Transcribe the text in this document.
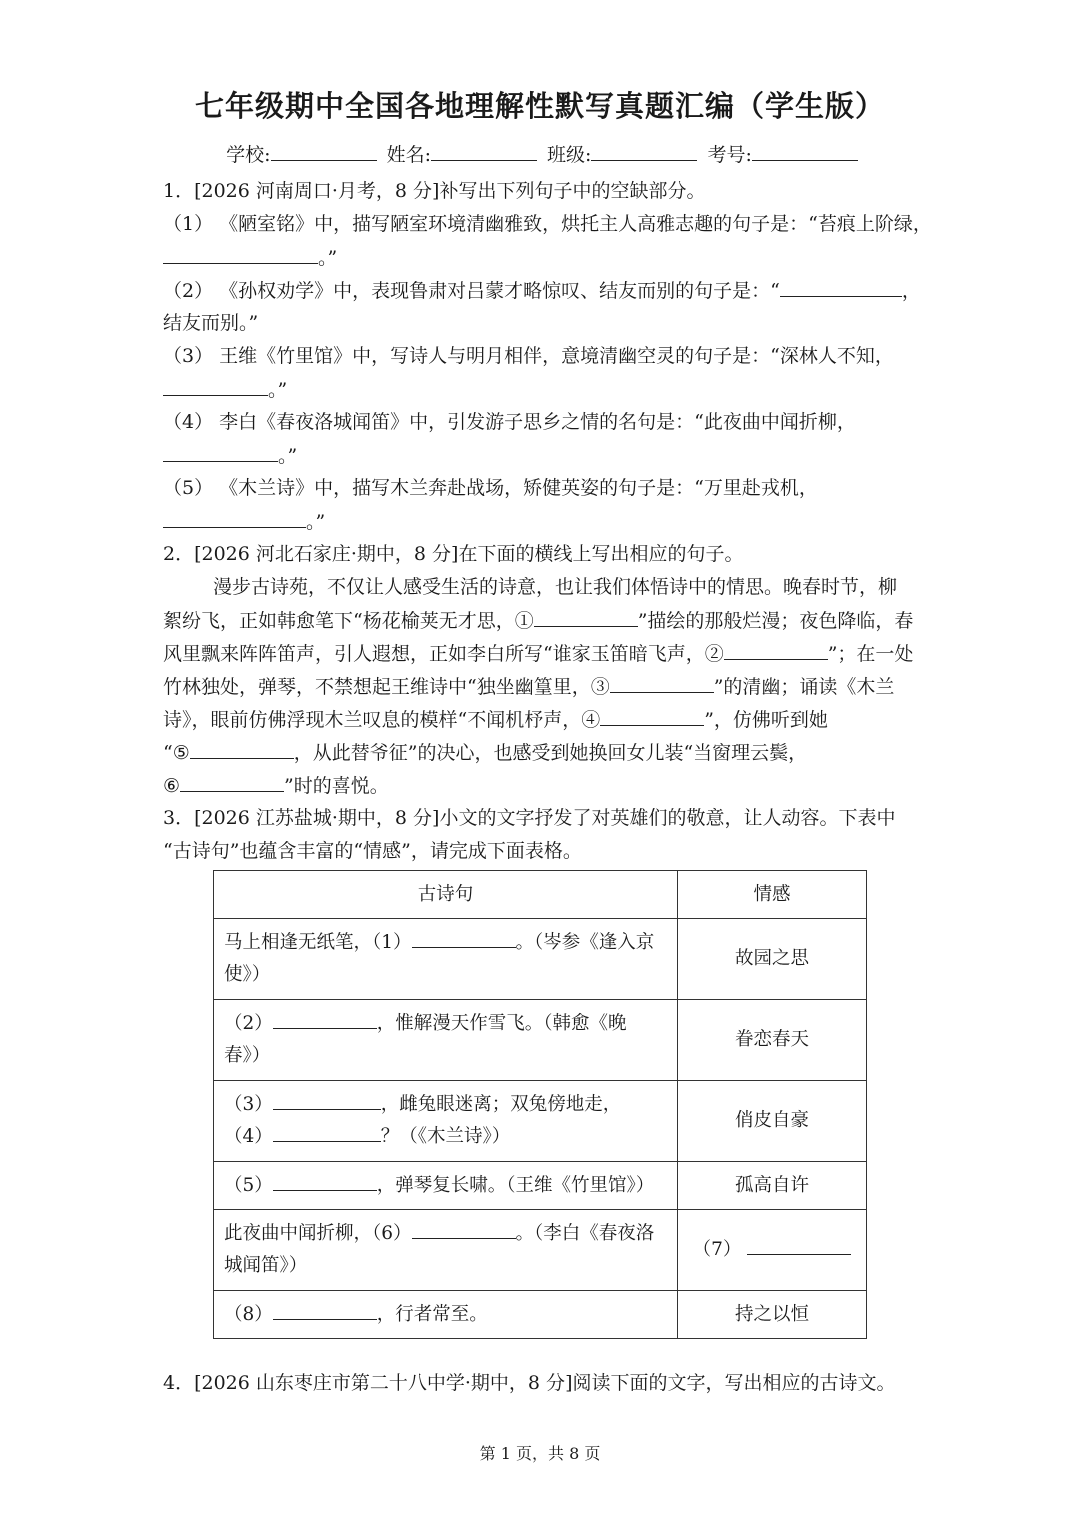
七年级期中全国各地理解性默写真题汇编（学生版）
学校:	姓名:	班级:	考号:
1．[2026 河南周口·月考，8 分]补写出下列句子中的空缺部分。
（1） 《陋室铭》中，描写陋室环境清幽雅致，烘托主人高雅志趣的句子是：“苔痕上阶绿，
。”
（2） 《孙权劝学》中，表现鲁肃对吕蒙才略惊叹、结友而别的句子是：“	，
结友而别。”
（3） 王维《竹里馆》中，写诗人与明月相伴，意境清幽空灵的句子是：“深林人不知，
。”
（4） 李白《春夜洛城闻笛》中，引发游子思乡之情的名句是：“此夜曲中闻折柳，
。”
（5） 《木兰诗》中，描写木兰奔赴战场，矫健英姿的句子是：“万里赴戎机，
。”
2．[2026 河北石家庄·期中，8 分]在下面的横线上写出相应的句子。
漫步古诗苑，不仅让人感受生活的诗意，也让我们体悟诗中的情思。晚春时节，柳
絮纷飞，正如韩愈笔下“杨花榆荚无才思，①	”描绘的那般烂漫；夜色降临，春
风里飘来阵阵笛声，引人遐想，正如李白所写“谁家玉笛暗飞声，②	”；在一处
竹林独处，弹琴，不禁想起王维诗中“独坐幽篁里，③	”的清幽；诵读《木兰
诗》，眼前仿佛浮现木兰叹息的模样“不闻机杼声，④	”，仿佛听到她
“⑤	，从此替爷征”的决心，也感受到她换回女儿装“当窗理云鬓，
⑥	”时的喜悦。
3．[2026 江苏盐城·期中，8 分]小文的文字抒发了对英雄们的敬意，让人动容。下表中
“古诗句”也蕴含丰富的“情感”，请完成下面表格。
古诗句	情感

马上相逢无纸笔，（1） 。（岑参《逢入京
使》）	故园之思

（2） ，惟解漫天作雪飞。（韩愈《晚
春》）	眷恋春天

（3） ，雌兔眼迷离；双兔傍地走，
（4） ？（《木兰诗》）	俏皮自豪
（5） ，弹琴复长啸。（王维《竹里馆》）	孤高自许

此夜曲中闻折柳，（6） 。（李白《春夜洛
城闻笛》）	（7）
（8） ，行者常至。	持之以恒
4．[2026 山东枣庄市第二十八中学·期中，8 分]阅读下面的文字，写出相应的古诗文。
第 1 页，共 8 页
